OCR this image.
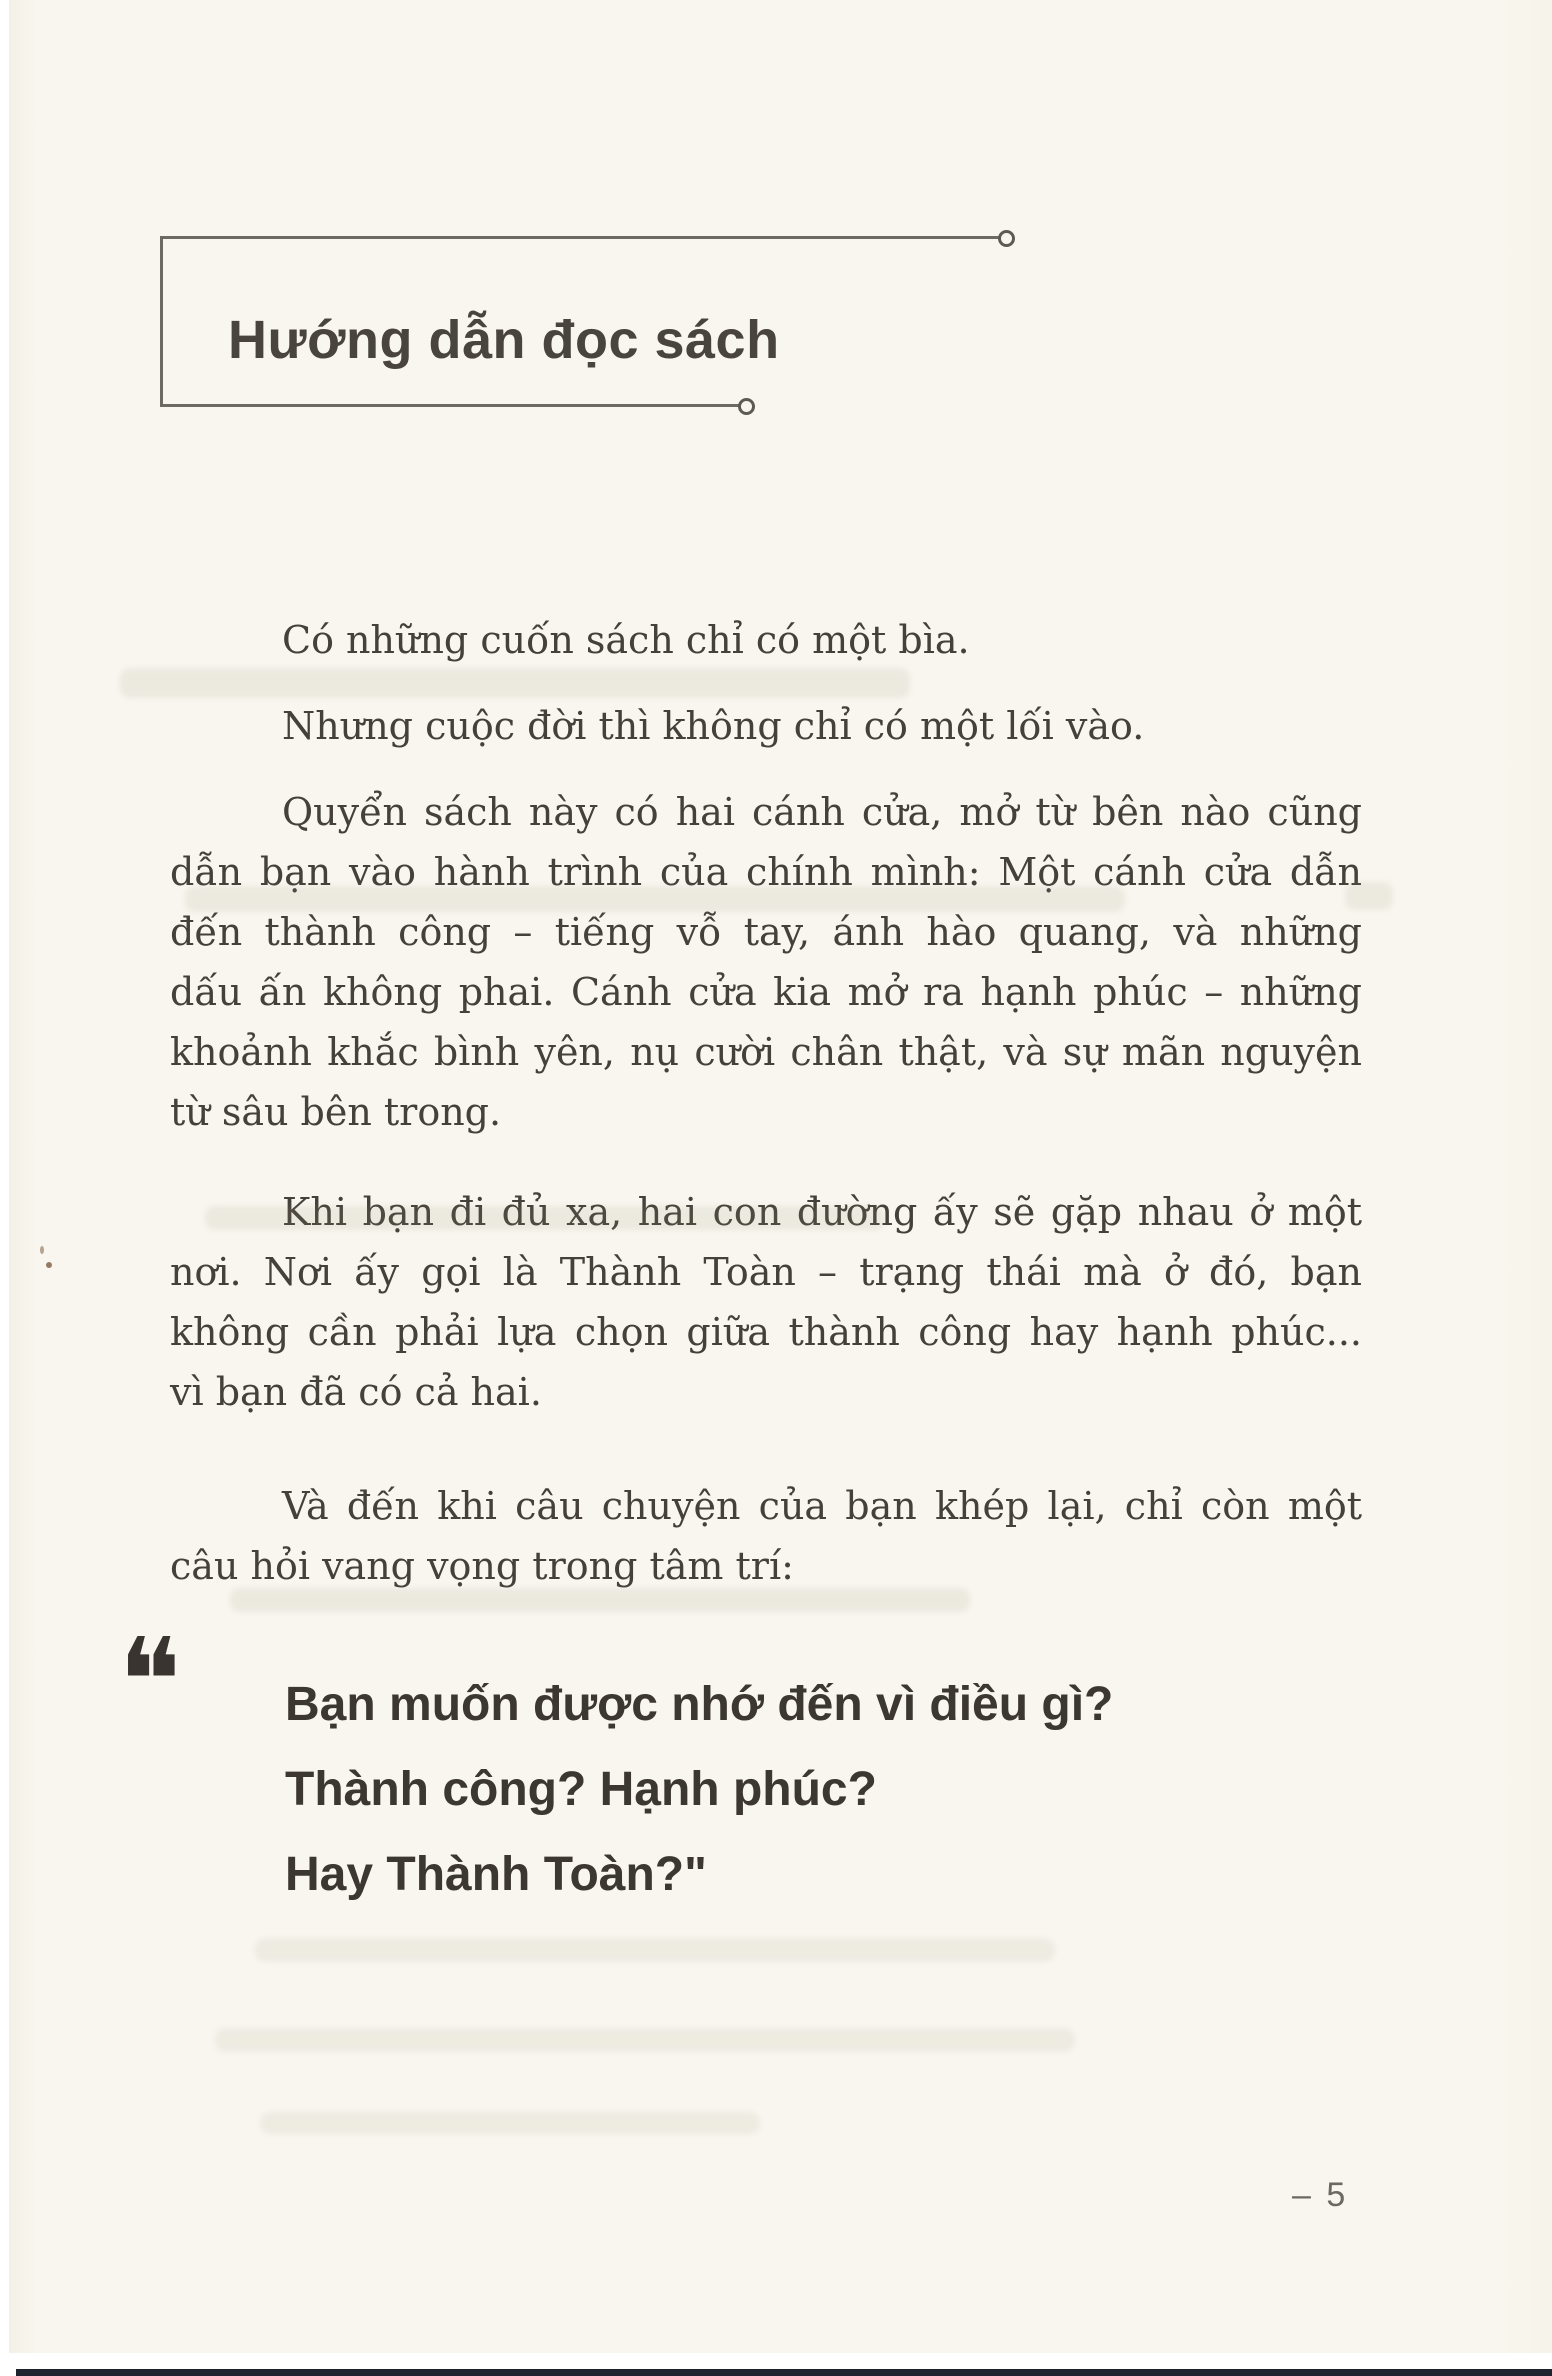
Hướng dẫn đọc sách
Có những cuốn sách chỉ có một bìa.
Nhưng cuộc đời thì không chỉ có một lối vào.
Quyển sách này có hai cánh cửa, mở từ bên nào cũng
dẫn bạn vào hành trình của chính mình: Một cánh cửa dẫn
đến thành công – tiếng vỗ tay, ánh hào quang, và những
dấu ấn không phai. Cánh cửa kia mở ra hạnh phúc – những
khoảnh khắc bình yên, nụ cười chân thật, và sự mãn nguyện
từ sâu bên trong.
Khi bạn đi đủ xa, hai con đường ấy sẽ gặp nhau ở một
nơi. Nơi ấy gọi là Thành Toàn – trạng thái mà ở đó, bạn
không cần phải lựa chọn giữa thành công hay hạnh phúc...
vì bạn đã có cả hai.
Và đến khi câu chuyện của bạn khép lại, chỉ còn một
câu hỏi vang vọng trong tâm trí:
❝ Bạn muốn được nhớ đến vì điều gì?
Thành công? Hạnh phúc?
Hay Thành Toàn?"
– 5
